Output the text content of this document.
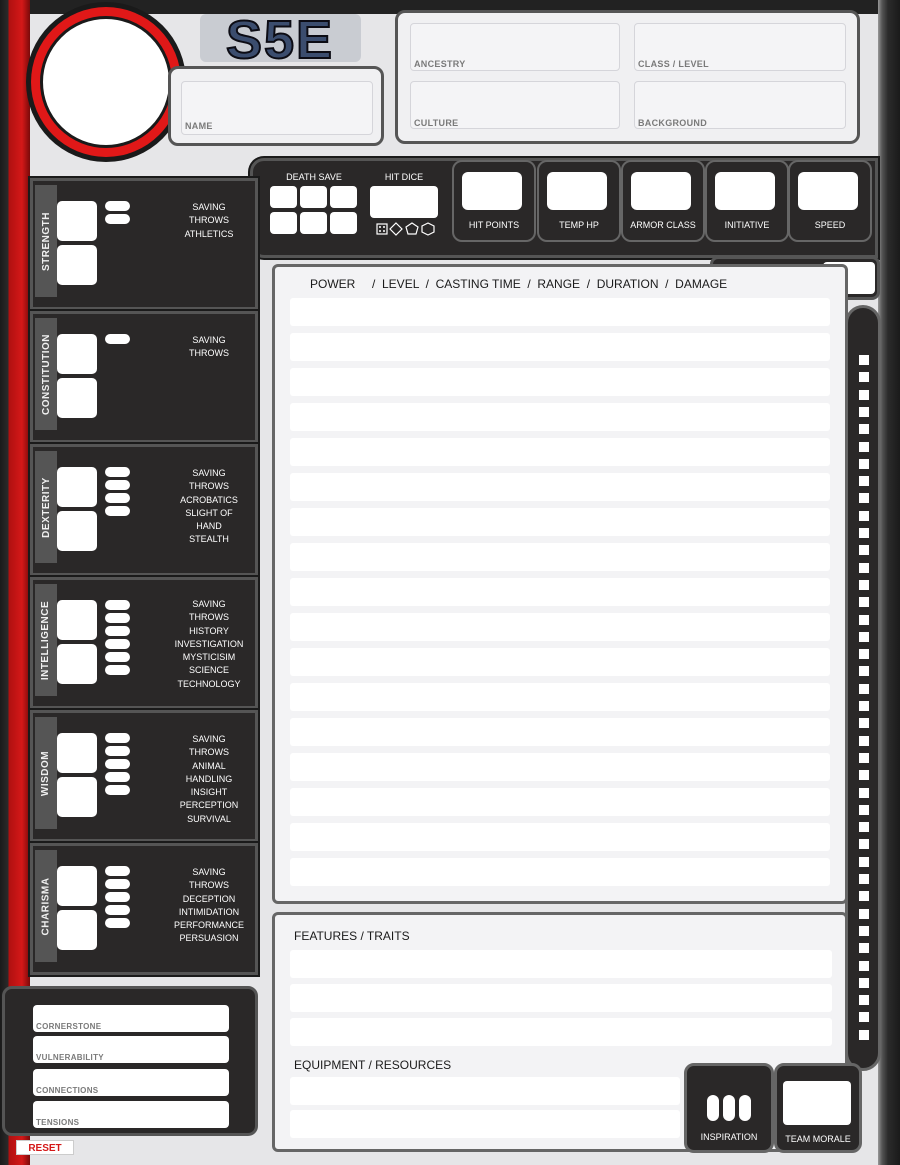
S5E
NAME
ANCESTRY	CLASS / LEVEL
CULTURE	BACKGROUND
DEATH SAVE	HIT DICE
HIT POINTS	TEMP HP	ARMOR CLASS	INITIATIVE	SPEED
STRENGTH
SAVING THROWS
ATHLETICS
CONSTITUTION	SAVING THROWS
DEXTERITY
SAVING THROWS
ACROBATICS
SLIGHT OF HAND
STEALTH
INTELLIGENCE	SAVING THROWS
HISTORY
INVESTIGATION
MYSTICISIM
SCIENCE
TECHNOLOGY
WISDOM
SAVING THROWS
ANIMAL HANDLING
INSIGHT
PERCEPTION
SURVIVAL
CHARISMA
SAVING THROWS
DECEPTION
INTIMIDATION
PERFORMANCE
PERSUASION
POWER     /  LEVEL  /  CASTING TIME  /  RANGE  /  DURATION  /  DAMAGE
FEATURES / TRAITS
EQUIPMENT / RESOURCES
INSPIRATION	TEAM MORALE
CORNERSTONE
VULNERABILITY
CONNECTIONS
TENSIONS
RESET
